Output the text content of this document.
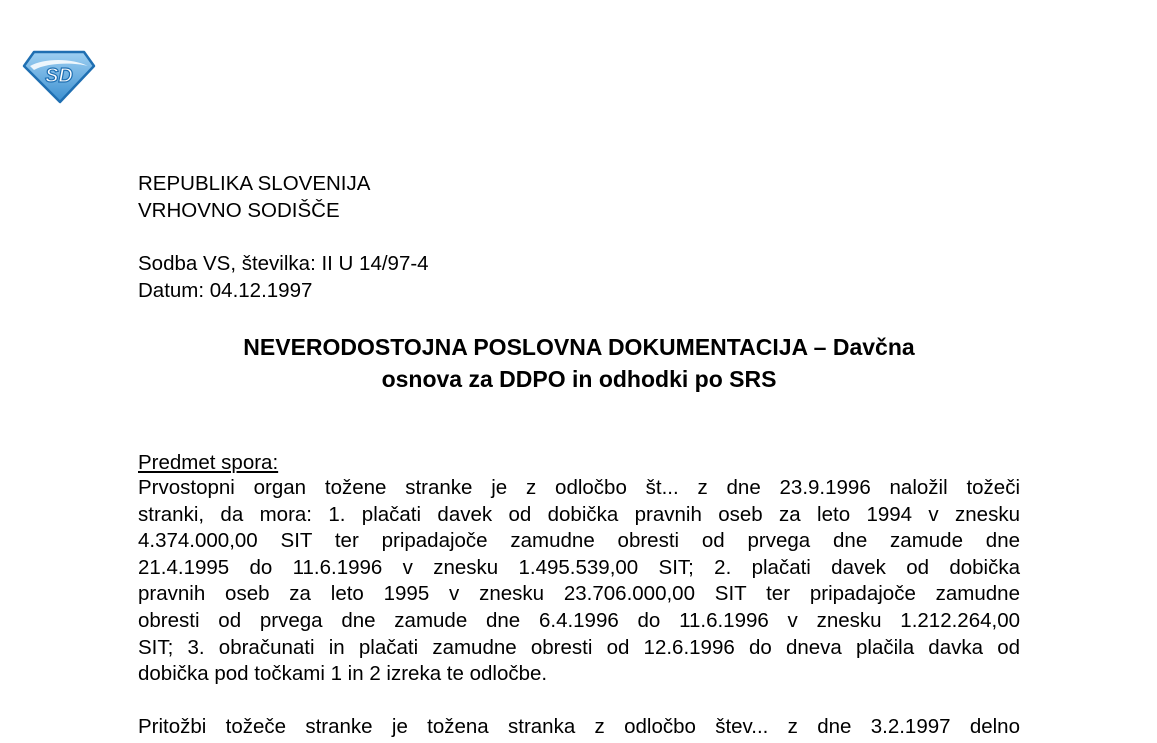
SD
REPUBLIKA SLOVENIJA
VRHOVNO SODIŠČE
Sodba VS, številka: II U 14/97-4
Datum: 04.12.1997
NEVERODOSTOJNA POSLOVNA DOKUMENTACIJA – Davčna
osnova za DDPO in odhodki po SRS
Predmet spora:
Prvostopni organ tožene stranke je z odločbo št... z dne 23.9.1996 naložil tožeči
stranki, da mora: 1. plačati davek od dobička pravnih oseb za leto 1994 v znesku
4.374.000,00 SIT ter pripadajoče zamudne obresti od prvega dne zamude dne
21.4.1995 do 11.6.1996 v znesku 1.495.539,00 SIT; 2. plačati davek od dobička
pravnih oseb za leto 1995 v znesku 23.706.000,00 SIT ter pripadajoče zamudne
obresti od prvega dne zamude dne 6.4.1996 do 11.6.1996 v znesku 1.212.264,00
SIT; 3. obračunati in plačati zamudne obresti od 12.6.1996 do dneva plačila davka od
dobička pod točkami 1 in 2 izreka te odločbe.
Pritožbi tožeče stranke je tožena stranka z odločbo štev... z dne 3.2.1997 delno
